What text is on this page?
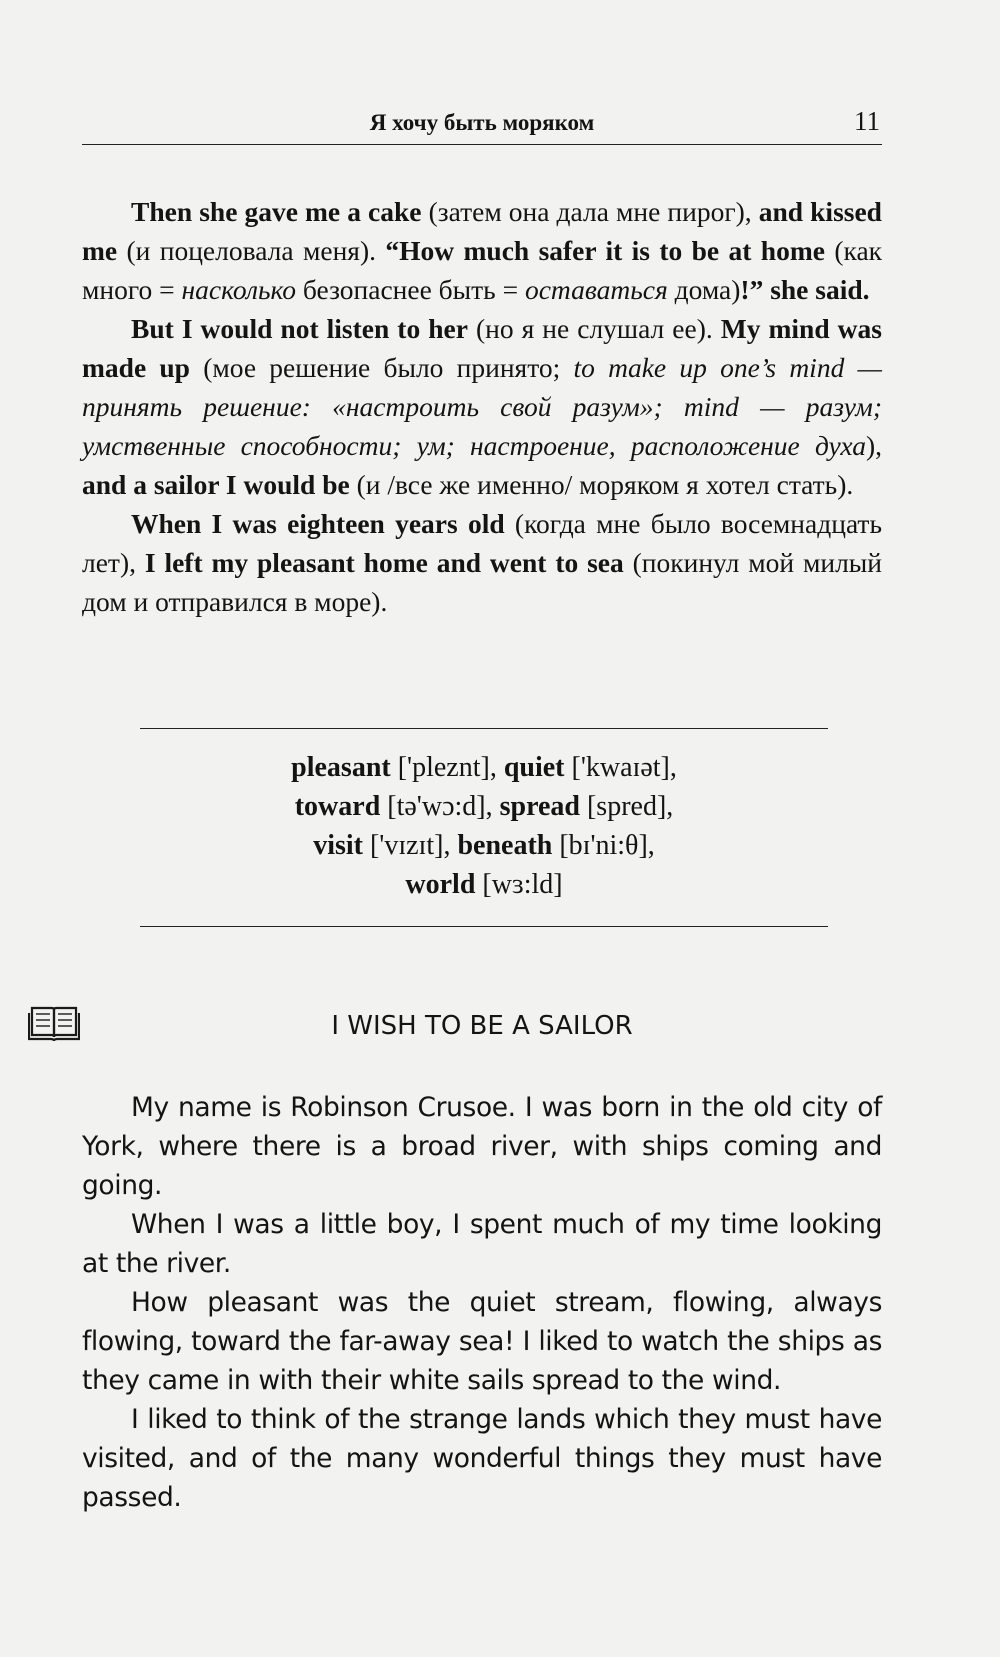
Я хочу быть моряком	11

Then she gave me a cake (затем она дала мне пирог), and kissed me (и поцеловала меня). “How much safer it is to be at home (как много = насколько безопаснее быть = оставаться дома)!” she said.

But I would not listen to her (но я не слушал ее). My mind was made up (мое решение было принято; to make up one’s mind — принять решение: «настроить свой разум»; mind — разум; умственные способности; ум; настроение, расположение духа), and a sailor I would be (и /все же именно/ моряком я хотел стать).

When I was eighteen years old (когда мне было восемнадцать лет), I left my pleasant home and went to sea (покинул мой милый дом и отправился в море).

pleasant ['pleznt], quiet ['kwaɪət],
toward [tə'wɔ:d], spread [spred],
visit ['vɪzɪt], beneath [bɪ'ni:θ],
world [wɜ:ld]
I WISH TO BE A SAILOR

My name is Robinson Crusoe. I was born in the old city of York, where there is a broad river, with ships coming and going.

When I was a little boy, I spent much of my time looking at the river.

How pleasant was the quiet stream, flowing, always flowing, toward the far-away sea! I liked to watch the ships as they came in with their white sails spread to the wind.

I liked to think of the strange lands which they must have visited, and of the many wonderful things they must have passed.
